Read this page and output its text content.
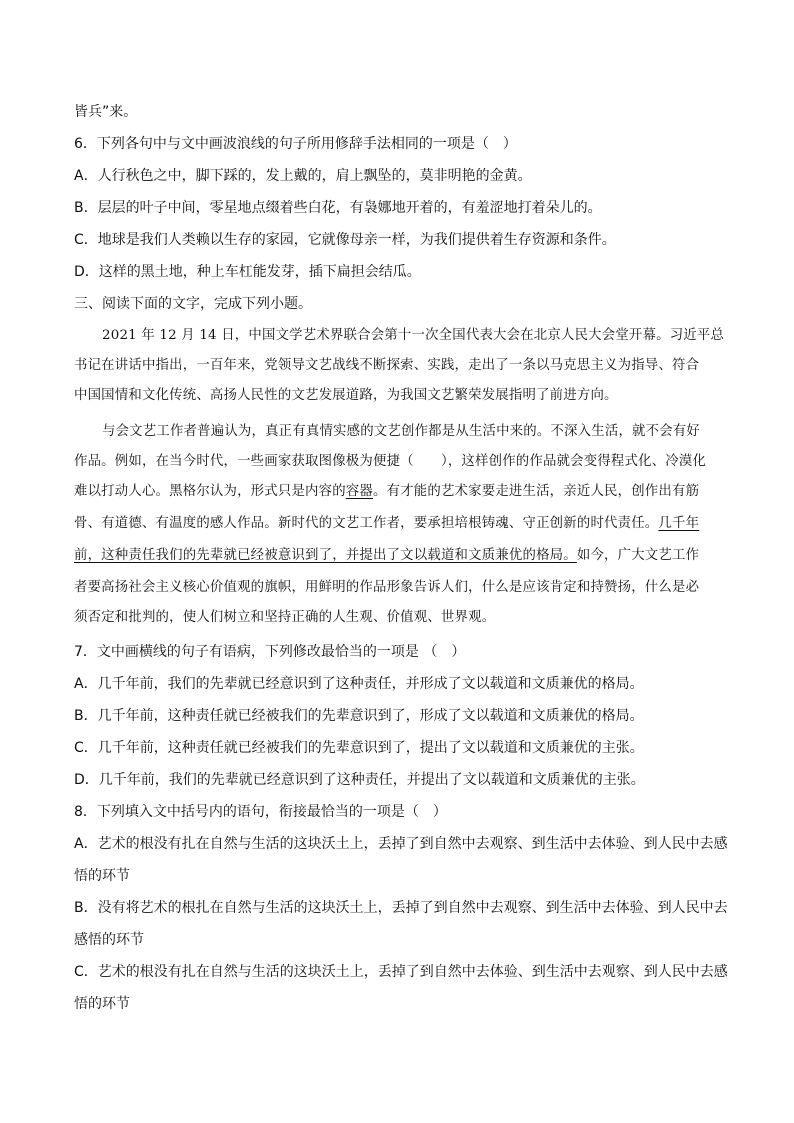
皆兵”来。
6．下列各句中与文中画波浪线的句子所用修辞手法相同的一项是（　）
A．人行秋色之中，脚下踩的，发上戴的，肩上飘坠的，莫非明艳的金黄。
B．层层的叶子中间，零星地点缀着些白花，有袅娜地开着的，有羞涩地打着朵儿的。
C．地球是我们人类赖以生存的家园，它就像母亲一样，为我们提供着生存资源和条件。
D．这样的黑土地，种上车杠能发芽，插下扁担会结瓜。
三、阅读下面的文字，完成下列小题。
2021 年 12 月 14 日，中国文学艺术界联合会第十一次全国代表大会在北京人民大会堂开幕。习近平总
书记在讲话中指出，一百年来，党领导文艺战线不断探索、实践，走出了一条以马克思主义为指导、符合
中国国情和文化传统、高扬人民性的文艺发展道路，为我国文艺繁荣发展指明了前进方向。
与会文艺工作者普遍认为，真正有真情实感的文艺创作都是从生活中来的。不深入生活，就不会有好
作品。例如，在当今时代，一些画家获取图像极为便捷（　　），这样创作的作品就会变得程式化、冷漠化
难以打动人心。黑格尔认为，形式只是内容的容器。有才能的艺术家要走进生活，亲近人民，创作出有筋
骨、有道德、有温度的感人作品。新时代的文艺工作者，要承担培根铸魂、守正创新的时代责任。几千年
前，这种责任我们的先辈就已经被意识到了，并提出了文以载道和文质兼优的格局。如今，广大文艺工作
者要高扬社会主义核心价值观的旗帜，用鲜明的作品形象告诉人们，什么是应该肯定和持赞扬，什么是必
须否定和批判的，使人们树立和坚持正确的人生观、价值观、世界观。
7．文中画横线的句子有语病，下列修改最恰当的一项是 （　）
A．几千年前，我们的先辈就已经意识到了这种责任，并形成了文以载道和文质兼优的格局。
B．几千年前，这种责任就已经被我们的先辈意识到了，形成了文以载道和文质兼优的格局。
C．几千年前，这种责任就已经被我们的先辈意识到了，提出了文以载道和文质兼优的主张。
D．几千年前，我们的先辈就已经意识到了这种责任，并提出了文以载道和文质兼优的主张。
8．下列填入文中括号内的语句，衔接最恰当的一项是（　）
A．艺术的根没有扎在自然与生活的这块沃土上，丢掉了到自然中去观察、到生活中去体验、到人民中去感
悟的环节
B．没有将艺术的根扎在自然与生活的这块沃土上，丢掉了到自然中去观察、到生活中去体验、到人民中去
感悟的环节
C．艺术的根没有扎在自然与生活的这块沃土上，丢掉了到自然中去体验、到生活中去观察、到人民中去感
悟的环节
